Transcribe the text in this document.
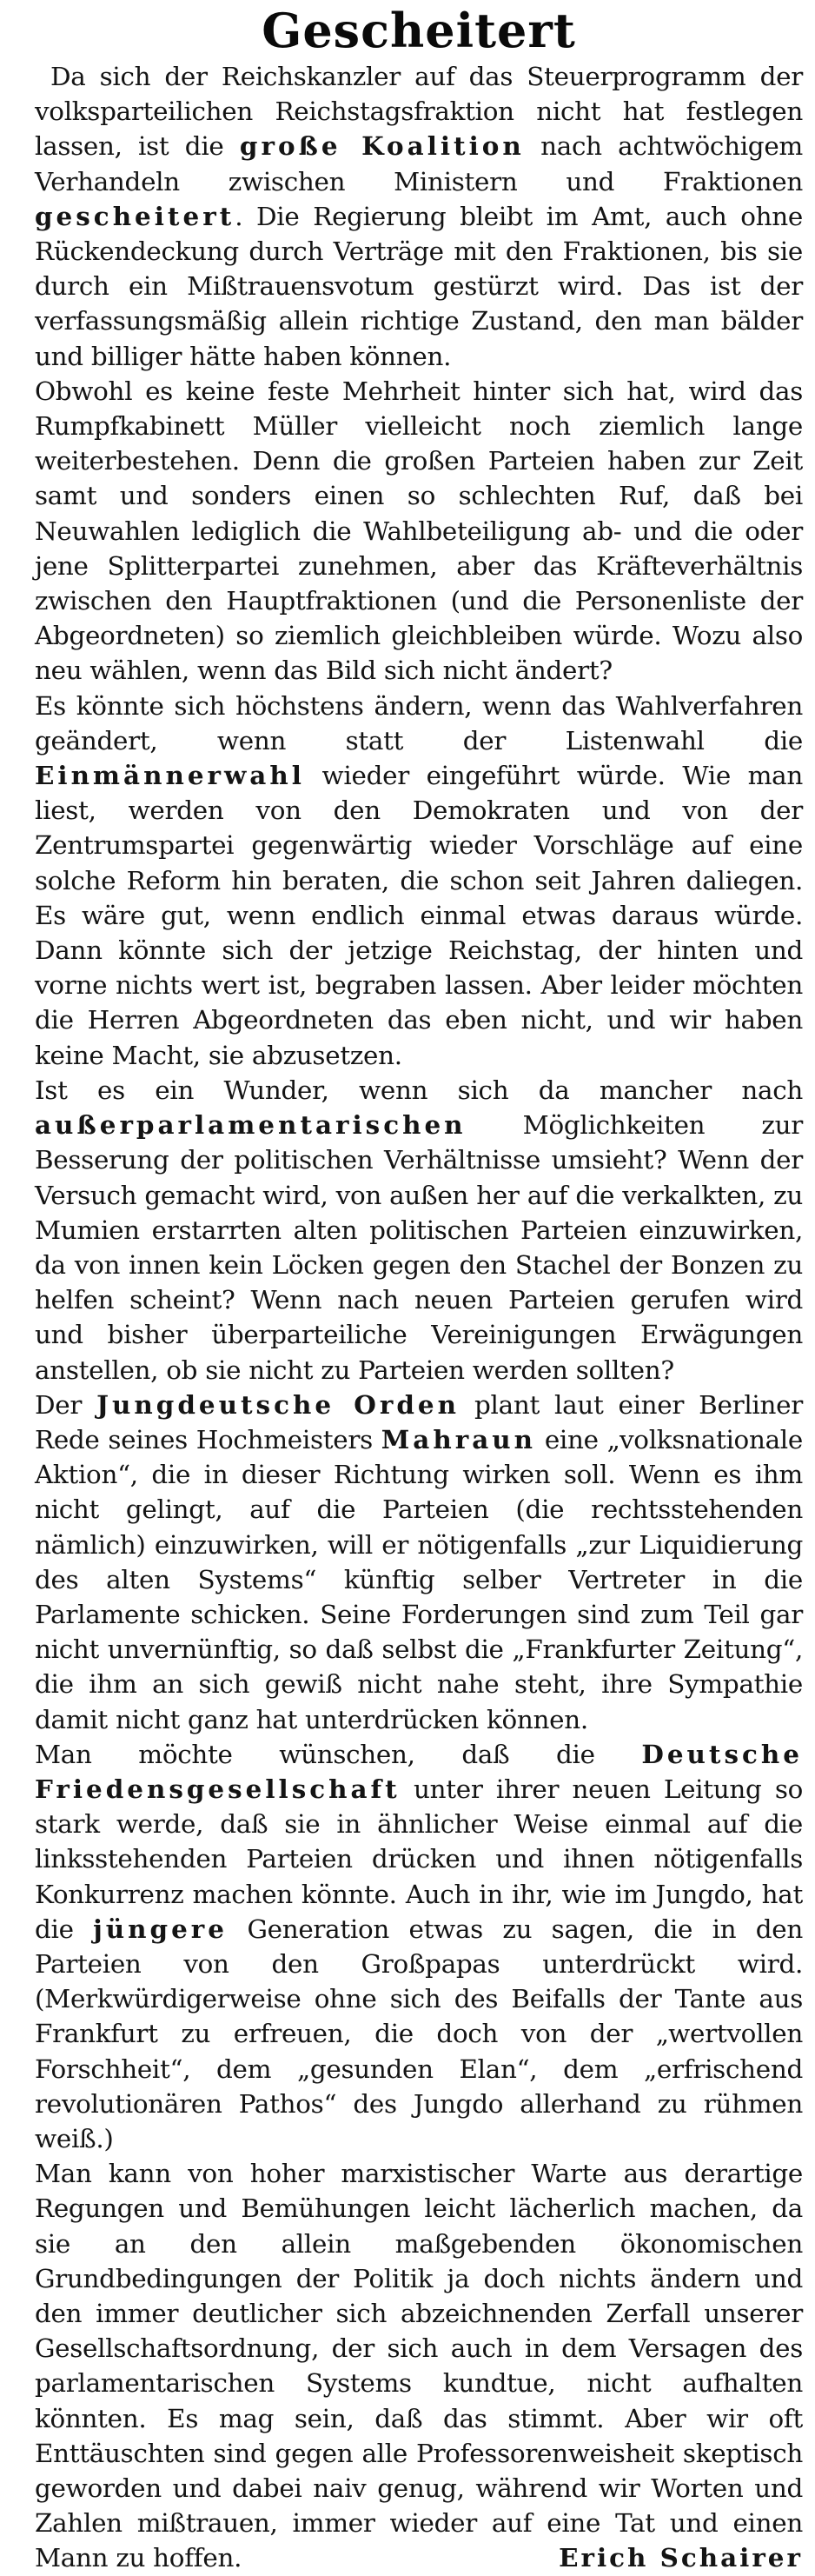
Gescheitert

Da sich der Reichskanzler auf das Steuerprogramm der volksparteilichen Reichstagsfraktion nicht hat festlegen lassen, ist die große Koalition nach achtwöchigem Verhandeln zwischen Ministern und Fraktionen gescheitert. Die Regierung bleibt im Amt, auch ohne Rückendeckung durch Verträge mit den Fraktionen, bis sie durch ein Mißtrauensvotum gestürzt wird. Das ist der verfassungsmäßig allein richtige Zustand, den man bälder und billiger hätte haben können.

Obwohl es keine feste Mehrheit hinter sich hat, wird das Rumpfkabinett Müller vielleicht noch ziemlich lange weiterbestehen. Denn die großen Parteien haben zur Zeit samt und sonders einen so schlechten Ruf, daß bei Neuwahlen lediglich die Wahlbeteiligung ab- und die oder jene Splitterpartei zunehmen, aber das Kräfteverhältnis zwischen den Hauptfraktionen (und die Personenliste der Abgeordneten) so ziemlich gleichbleiben würde. Wozu also neu wählen, wenn das Bild sich nicht ändert?

Es könnte sich höchstens ändern, wenn das Wahlverfahren geändert, wenn statt der Listenwahl die Einmännerwahl wieder eingeführt würde. Wie man liest, werden von den Demokraten und von der Zentrumspartei gegenwärtig wieder Vorschläge auf eine solche Reform hin beraten, die schon seit Jahren daliegen. Es wäre gut, wenn endlich einmal etwas daraus würde. Dann könnte sich der jetzige Reichstag, der hinten und vorne nichts wert ist, begraben lassen. Aber leider möchten die Herren Abgeordneten das eben nicht, und wir haben keine Macht, sie abzusetzen.

Ist es ein Wunder, wenn sich da mancher nach außerparlamentarischen Möglichkeiten zur Besserung der politischen Verhältnisse umsieht? Wenn der Versuch gemacht wird, von außen her auf die verkalkten, zu Mumien erstarrten alten politischen Parteien einzuwirken, da von innen kein Löcken gegen den Stachel der Bonzen zu helfen scheint? Wenn nach neuen Parteien gerufen wird und bisher überparteiliche Vereinigungen Erwägungen anstellen, ob sie nicht zu Parteien werden sollten?

Der Jungdeutsche Orden plant laut einer Berliner Rede seines Hochmeisters Mahraun eine „volksnationale Aktion“, die in dieser Richtung wirken soll. Wenn es ihm nicht gelingt, auf die Parteien (die rechtsstehenden nämlich) einzuwirken, will er nötigenfalls „zur Liquidierung des alten Systems“ künftig selber Vertreter in die Parlamente schicken. Seine Forderungen sind zum Teil gar nicht unvernünftig, so daß selbst die „Frankfurter Zeitung“, die ihm an sich gewiß nicht nahe steht, ihre Sympathie damit nicht ganz hat unterdrücken können.

Man möchte wünschen, daß die Deutsche Friedensgesellschaft unter ihrer neuen Leitung so stark werde, daß sie in ähnlicher Weise einmal auf die linksstehenden Parteien drücken und ihnen nötigenfalls Konkurrenz machen könnte. Auch in ihr, wie im Jungdo, hat die jüngere Generation etwas zu sagen, die in den Parteien von den Großpapas unterdrückt wird. (Merkwürdigerweise ohne sich des Beifalls der Tante aus Frankfurt zu erfreuen, die doch von der „wertvollen Forschheit“, dem „gesunden Elan“, dem „erfrischend revolutionären Pathos“ des Jungdo allerhand zu rühmen weiß.)

Man kann von hoher marxistischer Warte aus derartige Regungen und Bemühungen leicht lächerlich machen, da sie an den allein maßgebenden ökonomischen Grundbedingungen der Politik ja doch nichts ändern und den immer deutlicher sich abzeichnenden Zerfall unserer Gesellschaftsordnung, der sich auch in dem Versagen des parlamentarischen Systems kundtue, nicht aufhalten könnten. Es mag sein, daß das stimmt. Aber wir oft Enttäuschten sind gegen alle Professorenweisheit skeptisch geworden und dabei naiv genug, während wir Worten und Zahlen mißtrauen, immer wieder auf eine Tat und einen Mann zu hoffen.	Erich Schairer
